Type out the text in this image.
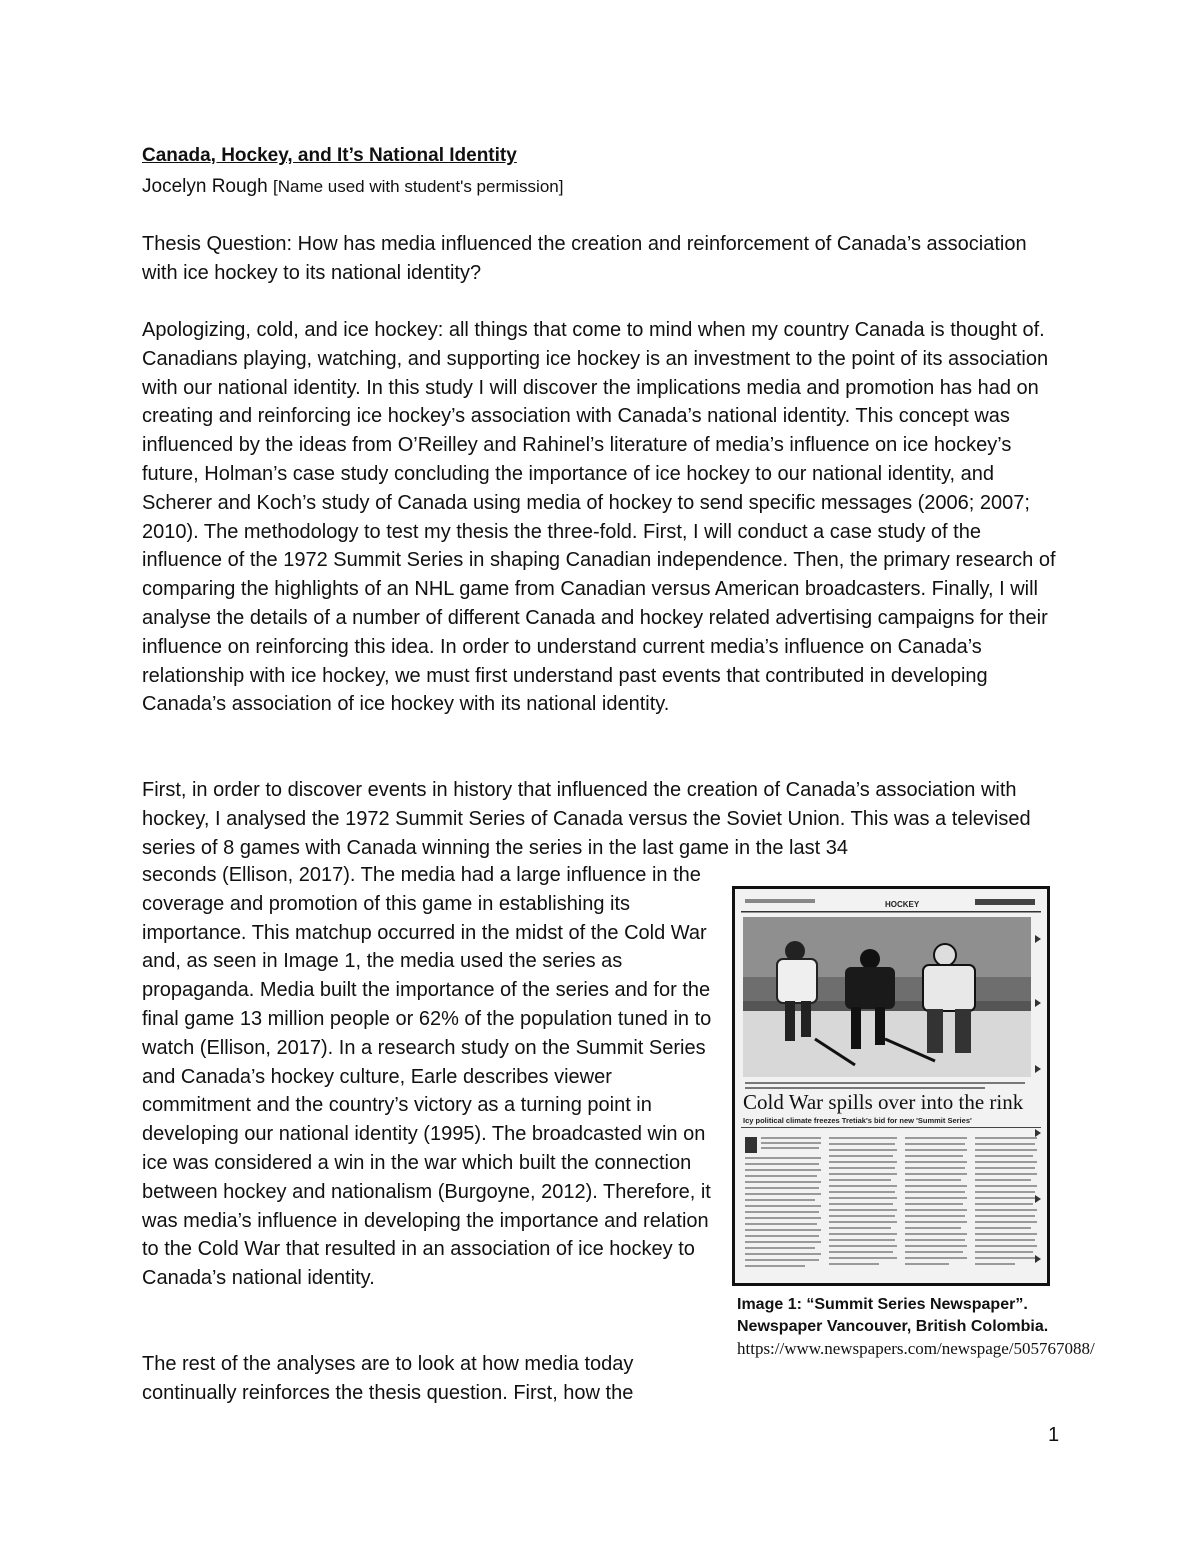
Canada, Hockey, and It’s National Identity
Jocelyn Rough [Name used with student's permission]

Thesis Question: How has media influenced the creation and reinforcement of Canada’s association with ice hockey to its national identity?

Apologizing, cold, and ice hockey: all things that come to mind when my country Canada is thought of. Canadians playing, watching, and supporting ice hockey is an investment to the point of its association with our national identity. In this study I will discover the implications media and promotion has had on creating and reinforcing ice hockey’s association with Canada’s national identity. This concept was influenced by the ideas from O’Reilley and Rahinel’s literature of media’s influence on ice hockey’s future, Holman’s case study concluding the importance of ice hockey to our national identity, and Scherer and Koch’s study of Canada using media of hockey to send specific messages (2006; 2007; 2010). The methodology to test my thesis the three-fold. First, I will conduct a case study of the influence of the 1972 Summit Series in shaping Canadian independence. Then, the primary research of comparing the highlights of an NHL game from Canadian versus American broadcasters. Finally, I will analyse the details of a number of different Canada and hockey related advertising campaigns for their influence on reinforcing this idea. In order to understand current media’s influence on Canada’s relationship with ice hockey, we must first understand past events that contributed in developing Canada’s association of ice hockey with its national identity.

First, in order to discover events in history that influenced the creation of Canada’s association with hockey, I analysed the 1972 Summit Series of Canada versus the Soviet Union. This was a televised series of 8 games with Canada winning the series in the last game in the last 34

seconds (Ellison, 2017). The media had a large influence in the coverage and promotion of this game in establishing its importance. This matchup occurred in the midst of the Cold War and, as seen in Image 1, the media used the series as propaganda. Media built the importance of the series and for the final game 13 million people or 62% of the population tuned in to watch (Ellison, 2017). In a research study on the Summit Series and Canada’s hockey culture, Earle describes viewer commitment and the country’s victory as a turning point in developing our national identity (1995). The broadcasted win on ice was considered a win in the war which built the connection between hockey and nationalism (Burgoyne, 2012). Therefore, it was media’s influence in developing the importance and relation to the Cold War that resulted in an association of ice hockey to Canada’s national identity.

HOCKEY
Cold War spills over into the rink
Icy political climate freezes Tretiak's bid for new 'Summit Series'
Image 1: “Summit Series Newspaper”. Newspaper Vancouver, British Colombia.
https://www.newspapers.com/newspage/505767088/

The rest of the analyses are to look at how media today continually reinforces the thesis question. First, how the

1
